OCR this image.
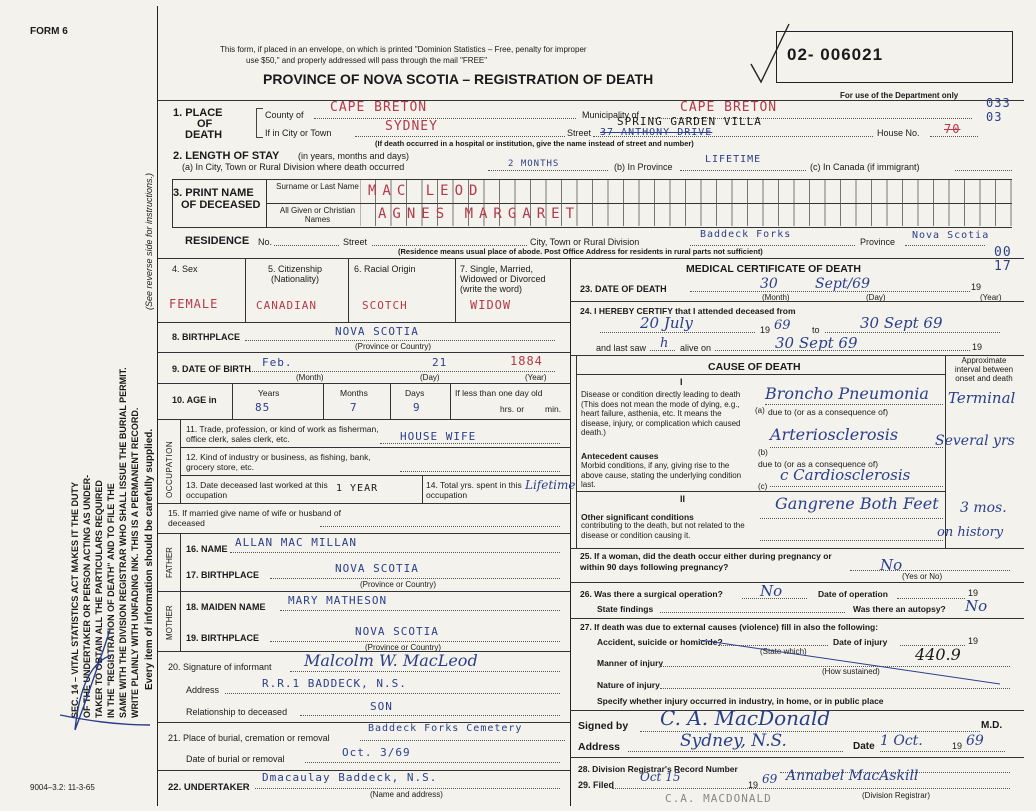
FORM 6
SEC. 14 – VITAL STATISTICS ACT MAKES IT THE DUTY OF THE UNDERTAKER OR PERSON ACTING AS UNDER- TAKER TO OBTAIN ALL THE PARTICULARS REQUIRED IN THE "REGISTRATION OF DEATH" AND TO FILE THE SAME WITH THE DIVISION REGISTRAR WHO SHALL ISSUE THE BURIAL PERMIT. WRITE PLAINLY WITH UNFADING INK. THIS IS A PERMANENT RECORD. Every item of information should be carefully supplied.
(See reverse side for instructions.)
9004–3.2: 11-3-65
This form, if placed in an envelope, on which is printed "Dominion Statistics – Free, penalty for improper
use $50," and properly addressed will pass through the mail "FREE"
PROVINCE OF NOVA SCOTIA – REGISTRATION OF DEATH
02- 006021
For use of the Department only
1. PLACE
OF
DEATH
County of CAPE BRETON	Municipality of	CAPE BRETON	033 03
If in City or Town	SYDNEY	Street 37 ANTHONY DRIVE
SPRING GARDEN VILLA
House No. 70
(If death occurred in a hospital or institution, give the name instead of street and number)
2. LENGTH OF STAY (in years, months and days)
(a) In City, Town or Rural Division where death occurred	2 MONTHS	(b) In Province
LIFETIME
(c) In Canada (if immigrant)
3. PRINT NAME
OF DECEASED
Surname or Last Name
All Given or Christian Names
MAC LEOD
AGNES MARGARET
RESIDENCE No.	Street	City, Town or Rural Division
Baddeck Forks
Province
Nova Scotia
00 17
(Residence means usual place of abode. Post Office Address for residents in rural parts not sufficient)
4. Sex	5. Citizenship (Nationality)
6. Racial Origin	7. Single, Married, Widowed or Divorced (write the word)
FEMALE	CANADIAN	SCOTCH	WIDOW
8. BIRTHPLACE	NOVA SCOTIA
(Province or Country)
9. DATE OF BIRTH Feb.	21	1884
(Month)	(Day)	(Year)
10. AGE in
Years
85
Months
7
Days
9
If less than one day old
hrs. or min.
OCCUPATION
11. Trade, profession, or kind of work as fisherman, office clerk, sales clerk, etc.	HOUSE WIFE
12. Kind of industry or business, as fishing, bank, grocery store, etc.
13. Date deceased last worked at this occupation
1 YEAR	14. Total yrs. spent in this occupation
Lifetime
15. If married give name of wife or husband of deceased
FATHER 16. NAME ALLAN MAC MILLAN
17. BIRTHPLACE	NOVA SCOTIA
(Province or Country)
MOTHER 18. MAIDEN NAME MARY MATHESON
19. BIRTHPLACE	NOVA SCOTIA
(Province or Country)
20. Signature of informant Malcolm W. MacLeod
Address	R.R.1 BADDECK, N.S.
Relationship to deceased	SON
21. Place of burial, cremation or removal
Baddeck Forks Cemetery
Date of burial or removal	Oct. 3/69
22. UNDERTAKER
Dmacaulay Baddeck, N.S.
(Name and address)
MEDICAL CERTIFICATE OF DEATH
23. DATE OF DEATH	30	Sept/69	19
(Month)	(Day)	(Year)
24. I HEREBY CERTIFY that I attended deceased from
20 July	19 69 to	30 Sept 69
and last saw h alive on	30 Sept 69	19
CAUSE OF DEATH
Approximate interval between onset and death
I
Disease or condition directly leading to death (This does not mean the mode of dying, e.g., heart failure, asthenia, etc. It means the disease, injury, or complication which caused death.)
(a)
Broncho Pneumonia Terminal
due to (or as a consequence of)
Antecedent causes
Morbid conditions, if any, giving rise to the above cause, stating the underlying condition last.
(b)
Arteriosclerosis	Several yrs
due to (or as a consequence of)
(c)
c Cardiosclerosis
II
Other significant conditions
contributing to the death, but not related to the disease or condition causing it.
Gangrene Both Feet 3 mos.
on history
25. If a woman, did the death occur either during pregnancy or within 90 days following pregnancy?	No
(Yes or No)
26. Was there a surgical operation? No	Date of operation	19
State findings	Was there an autopsy? No
27. If death was due to external causes (violence) fill in also the following:
Accident, suicide or homicide?	Date of injury	19
(State which)
Manner of injury	440.9
(How sustained)
Nature of injury
Specify whether injury occurred in industry, in home, or in public place
Signed by C. A. MacDonald	M.D.
Address	Sydney, N.S.	Date 1 Oct.	19 69
28. Division Registrar's Record Number
29. Filed
Oct 15
19 69 Annabel MacAskill
(Division Registrar)
C.A. MACDONALD
